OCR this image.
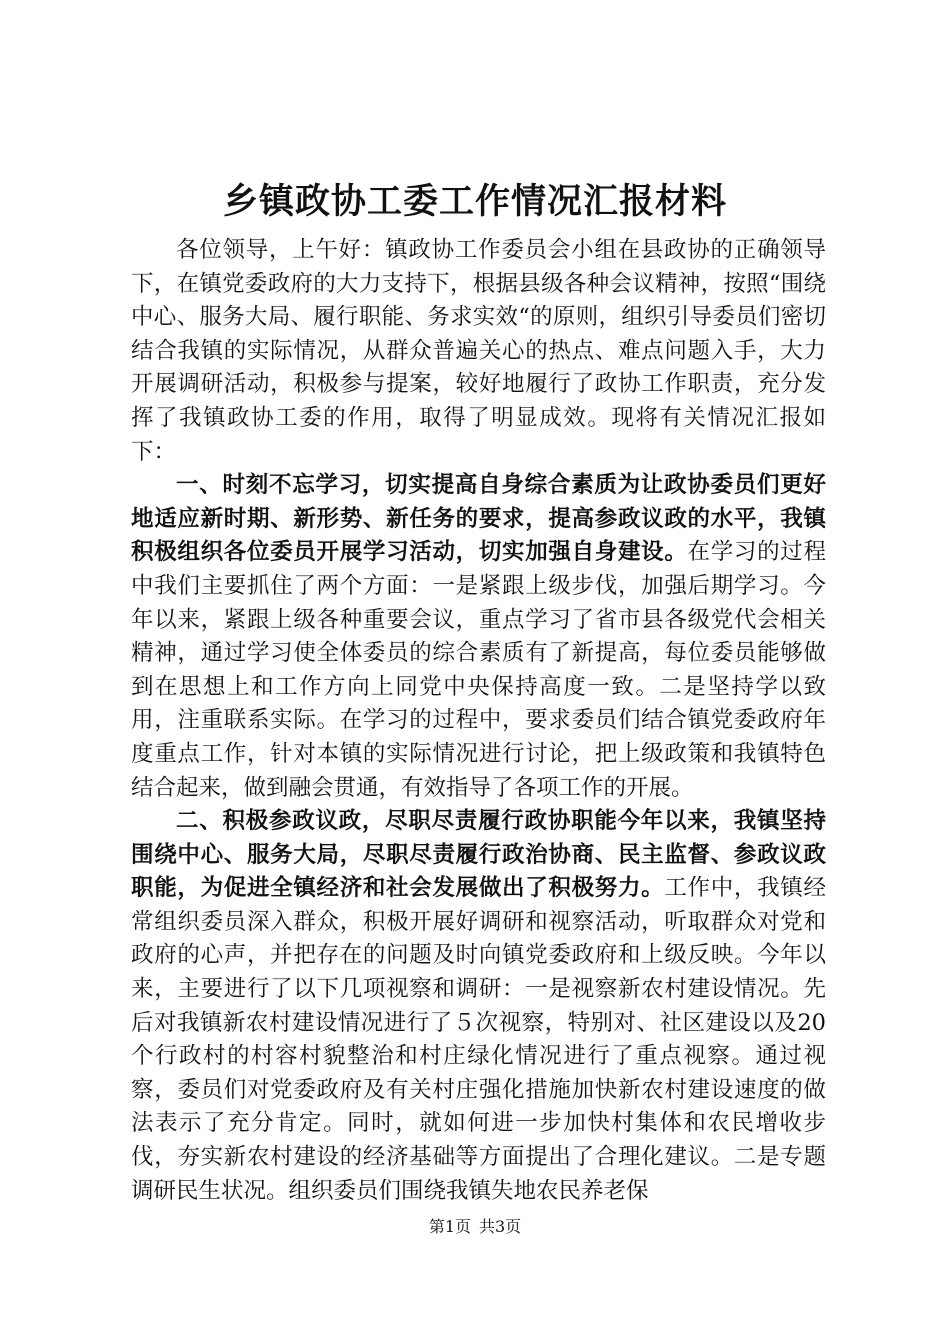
乡镇政协工委工作情况汇报材料

各位领导，上午好：镇政协工作委员会小组在县政协的正确领导下，在镇党委政府的大力支持下，根据县级各种会议精神，按照“围绕中心、服务大局、履行职能、务求实效“的原则，组织引导委员们密切结合我镇的实际情况，从群众普遍关心的热点、难点问题入手，大力开展调研活动，积极参与提案，较好地履行了政协工作职责，充分发挥了我镇政协工委的作用，取得了明显成效。现将有关情况汇报如下：

一、时刻不忘学习，切实提高自身综合素质为让政协委员们更好地适应新时期、新形势、新任务的要求，提高参政议政的水平，我镇积极组织各位委员开展学习活动，切实加强自身建设。在学习的过程中我们主要抓住了两个方面：一是紧跟上级步伐，加强后期学习。今年以来，紧跟上级各种重要会议，重点学习了省市县各级党代会相关精神，通过学习使全体委员的综合素质有了新提高，每位委员能够做到在思想上和工作方向上同党中央保持高度一致。二是坚持学以致用，注重联系实际。在学习的过程中，要求委员们结合镇党委政府年度重点工作，针对本镇的实际情况进行讨论，把上级政策和我镇特色结合起来，做到融会贯通，有效指导了各项工作的开展。

二、积极参政议政，尽职尽责履行政协职能今年以来，我镇坚持围绕中心、服务大局，尽职尽责履行政治协商、民主监督、参政议政职能，为促进全镇经济和社会发展做出了积极努力。工作中，我镇经常组织委员深入群众，积极开展好调研和视察活动，听取群众对党和政府的心声，并把存在的问题及时向镇党委政府和上级反映。今年以来，主要进行了以下几项视察和调研：一是视察新农村建设情况。先后对我镇新农村建设情况进行了５次视察，特别对、社区建设以及20个行政村的村容村貌整治和村庄绿化情况进行了重点视察。通过视察，委员们对党委政府及有关村庄强化措施加快新农村建设速度的做法表示了充分肯定。同时，就如何进一步加快村集体和农民增收步伐，夯实新农村建设的经济基础等方面提出了合理化建议。二是专题调研民生状况。组织委员们围绕我镇失地农民养老保

第1页 共3页
